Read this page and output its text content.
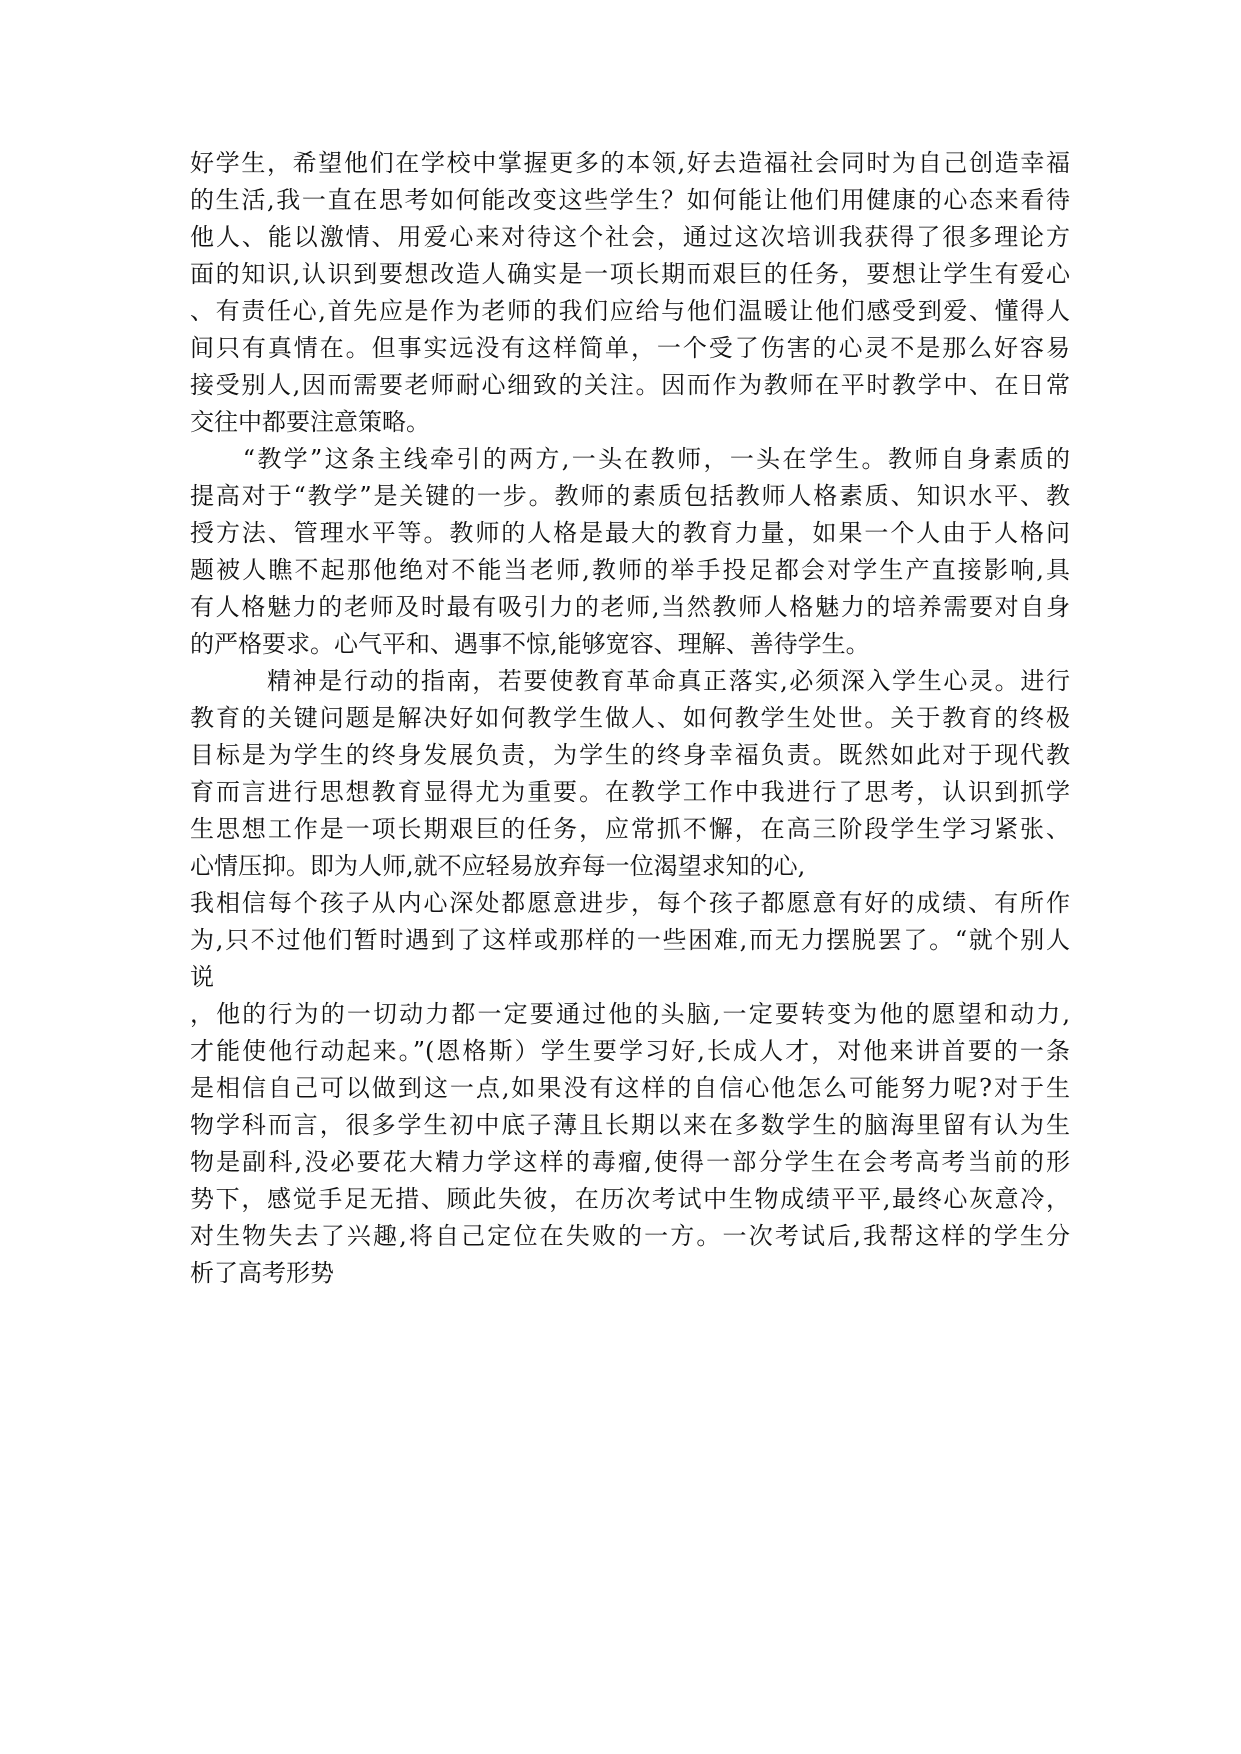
好学生，希望他们在学校中掌握更多的本领,好去造福社会同时为自己创造幸福
的生活,我一直在思考如何能改变这些学生？如何能让他们用健康的心态来看待
他人、能以激情、用爱心来对待这个社会，通过这次培训我获得了很多理论方
面的知识,认识到要想改造人确实是一项长期而艰巨的任务，要想让学生有爱心
、有责任心,首先应是作为老师的我们应给与他们温暖让他们感受到爱、懂得人
间只有真情在。但事实远没有这样简单，一个受了伤害的心灵不是那么好容易
接受别人,因而需要老师耐心细致的关注。因而作为教师在平时教学中、在日常
交往中都要注意策略。
　　“教学”这条主线牵引的两方,一头在教师，一头在学生。教师自身素质的
提高对于“教学”是关键的一步。教师的素质包括教师人格素质、知识水平、教
授方法、管理水平等。教师的人格是最大的教育力量，如果一个人由于人格问
题被人瞧不起那他绝对不能当老师,教师的举手投足都会对学生产直接影响,具
有人格魅力的老师及时最有吸引力的老师,当然教师人格魅力的培养需要对自身
的严格要求。心气平和、遇事不惊,能够宽容、理解、善待学生。
　　　精神是行动的指南，若要使教育革命真正落实,必须深入学生心灵。进行
教育的关键问题是解决好如何教学生做人、如何教学生处世。关于教育的终极
目标是为学生的终身发展负责，为学生的终身幸福负责。既然如此对于现代教
育而言进行思想教育显得尤为重要。在教学工作中我进行了思考，认识到抓学
生思想工作是一项长期艰巨的任务，应常抓不懈，在高三阶段学生学习紧张、
心情压抑。即为人师,就不应轻易放弃每一位渴望求知的心,
我相信每个孩子从内心深处都愿意进步，每个孩子都愿意有好的成绩、有所作
为,只不过他们暂时遇到了这样或那样的一些困难,而无力摆脱罢了。“就个别人
说
，他的行为的一切动力都一定要通过他的头脑,一定要转变为他的愿望和动力,
才能使他行动起来。”(恩格斯）学生要学习好,长成人才，对他来讲首要的一条
是相信自己可以做到这一点,如果没有这样的自信心他怎么可能努力呢?对于生
物学科而言，很多学生初中底子薄且长期以来在多数学生的脑海里留有认为生
物是副科,没必要花大精力学这样的毒瘤,使得一部分学生在会考高考当前的形
势下，感觉手足无措、顾此失彼，在历次考试中生物成绩平平,最终心灰意冷，
对生物失去了兴趣,将自己定位在失败的一方。一次考试后,我帮这样的学生分
析了高考形势
